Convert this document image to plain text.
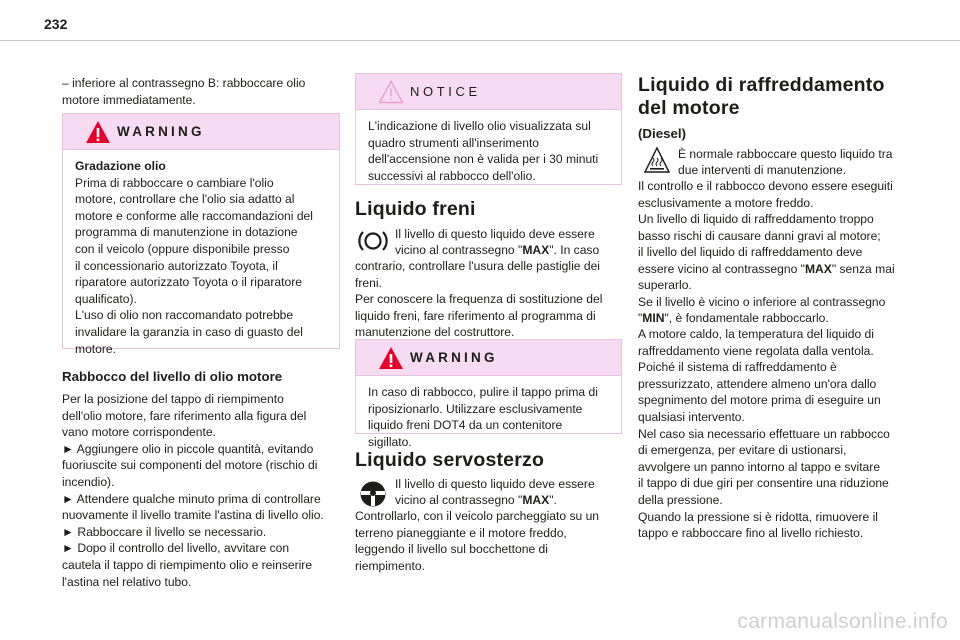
232

– inferiore al contrassegno B: rabboccare olio
motore immediatamente.

WARNING

Gradazione olio

Prima di rabboccare o cambiare l'olio
motore, controllare che l'olio sia adatto al
motore e conforme alle raccomandazioni del
programma di manutenzione in dotazione
con il veicolo (oppure disponibile presso
il concessionario autorizzato Toyota, il
riparatore autorizzato Toyota o il riparatore
qualificato).
L'uso di olio non raccomandato potrebbe
invalidare la garanzia in caso di guasto del
motore.

Rabbocco del livello di olio motore

Per la posizione del tappo di riempimento
dell'olio motore, fare riferimento alla figura del
vano motore corrispondente.
► Aggiungere olio in piccole quantità, evitando
fuoriuscite sui componenti del motore (rischio di
incendio).
► Attendere qualche minuto prima di controllare
nuovamente il livello tramite l'astina di livello olio.
► Rabboccare il livello se necessario.
► Dopo il controllo del livello, avvitare con
cautela il tappo di riempimento olio e reinserire
l'astina nel relativo tubo.

NOTICE

L'indicazione di livello olio visualizzata sul
quadro strumenti all'inserimento
dell'accensione non è valida per i 30 minuti
successivi al rabbocco dell'olio.

Liquido freni

Il livello di questo liquido deve essere

vicino al contrassegno "MAX". In caso

contrario, controllare l'usura delle pastiglie dei
freni.
Per conoscere la frequenza di sostituzione del
liquido freni, fare riferimento al programma di
manutenzione del costruttore.

WARNING

In caso di rabbocco, pulire il tappo prima di
riposizionarlo. Utilizzare esclusivamente
liquido freni DOT4 da un contenitore sigillato.

Liquido servosterzo

Il livello di questo liquido deve essere

vicino al contrassegno "MAX".

Controllarlo, con il veicolo parcheggiato su un
terreno pianeggiante e il motore freddo,
leggendo il livello sul bocchettone di
riempimento.

Liquido di raffreddamento

del motore

(Diesel)

È normale rabboccare questo liquido tra

due interventi di manutenzione.

Il controllo e il rabbocco devono essere eseguiti
esclusivamente a motore freddo.
Un livello di liquido di raffreddamento troppo
basso rischi di causare danni gravi al motore;
il livello del liquido di raffreddamento deve

essere vicino al contrassegno "MAX" senza mai

superarlo.
Se il livello è vicino o inferiore al contrassegno

"MIN", è fondamentale rabboccarlo.

A motore caldo, la temperatura del liquido di
raffreddamento viene regolata dalla ventola.
Poiché il sistema di raffreddamento è
pressurizzato, attendere almeno un'ora dallo
spegnimento del motore prima di eseguire un
qualsiasi intervento.
Nel caso sia necessario effettuare un rabbocco
di emergenza, per evitare di ustionarsi,
avvolgere un panno intorno al tappo e svitare
il tappo di due giri per consentire una riduzione
della pressione.
Quando la pressione si è ridotta, rimuovere il
tappo e rabboccare fino al livello richiesto.

carmanualsonline.info
